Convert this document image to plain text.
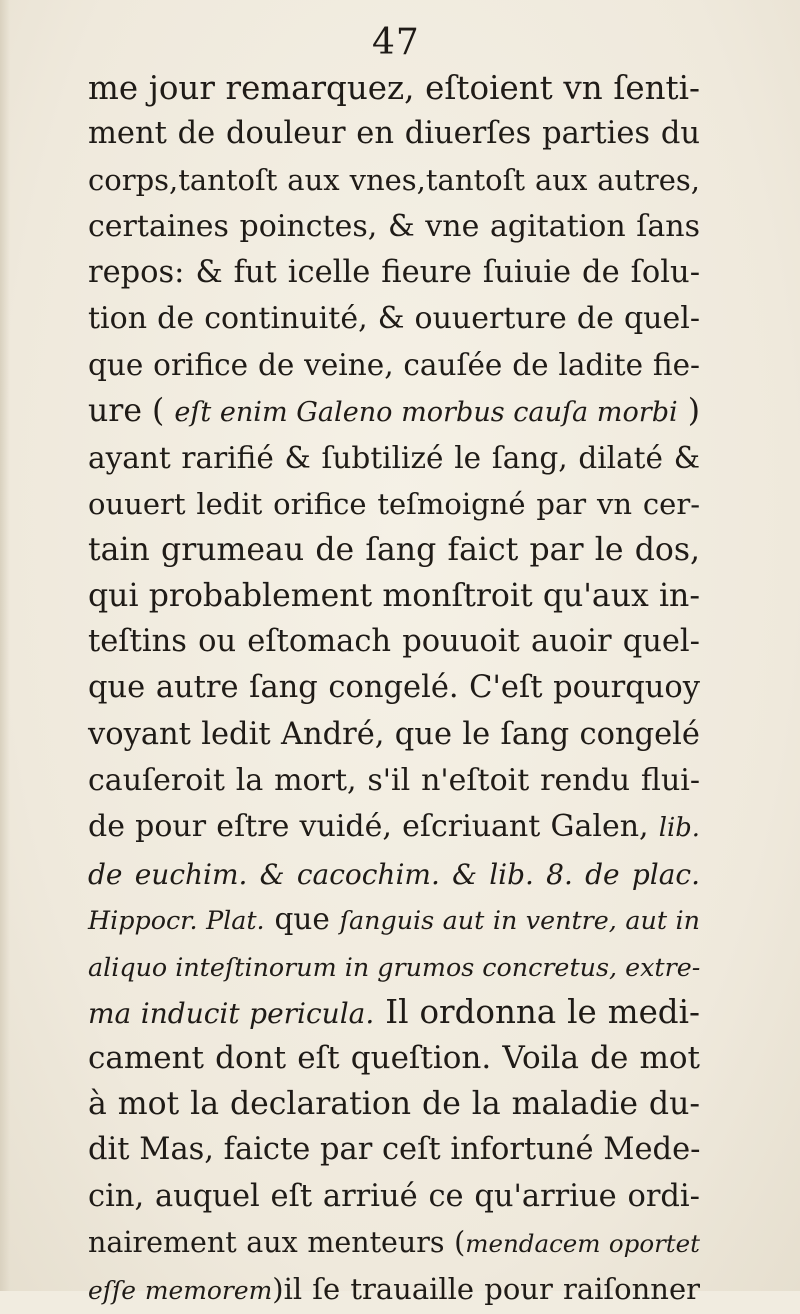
47
me jour remarquez, eſtoient vn ſenti-
ment de douleur en diuerſes parties du
corps,tantoſt aux vnes,tantoſt aux autres,
certaines poinctes, & vne agitation ſans
repos: & fut icelle fieure ſuiuie de ſolu-
tion de continuité, & ouuerture de quel-
que orifice de veine, cauſée de ladite fie-
ure ( eſt enim Galeno morbus cauſa morbi )
ayant rarifié & ſubtilizé le ſang, dilaté &
ouuert ledit orifice teſmoigné par vn cer-
tain grumeau de ſang faict par le dos,
qui probablement monſtroit qu'aux in-
teſtins ou eſtomach pouuoit auoir quel-
que autre ſang congelé. C'eſt pourquoy
voyant ledit André, que le ſang congelé
cauſeroit la mort, s'il n'eſtoit rendu flui-
de pour eſtre vuidé, eſcriuant Galen, lib.
de euchim. & cacochim. & lib. 8. de plac.
Hippocr. Plat. que ſanguis aut in ventre, aut in
aliquo inteſtinorum in grumos concretus, extre-
ma inducit pericula. Il ordonna le medi-
cament dont eſt queſtion. Voila de mot
à mot la declaration de la maladie du-
dit Mas, faicte par ceſt infortuné Mede-
cin, auquel eſt arriué ce qu'arriue ordi-
nairement aux menteurs (mendacem oportet
eſſe memorem)il ſe trauaille pour raiſonner
